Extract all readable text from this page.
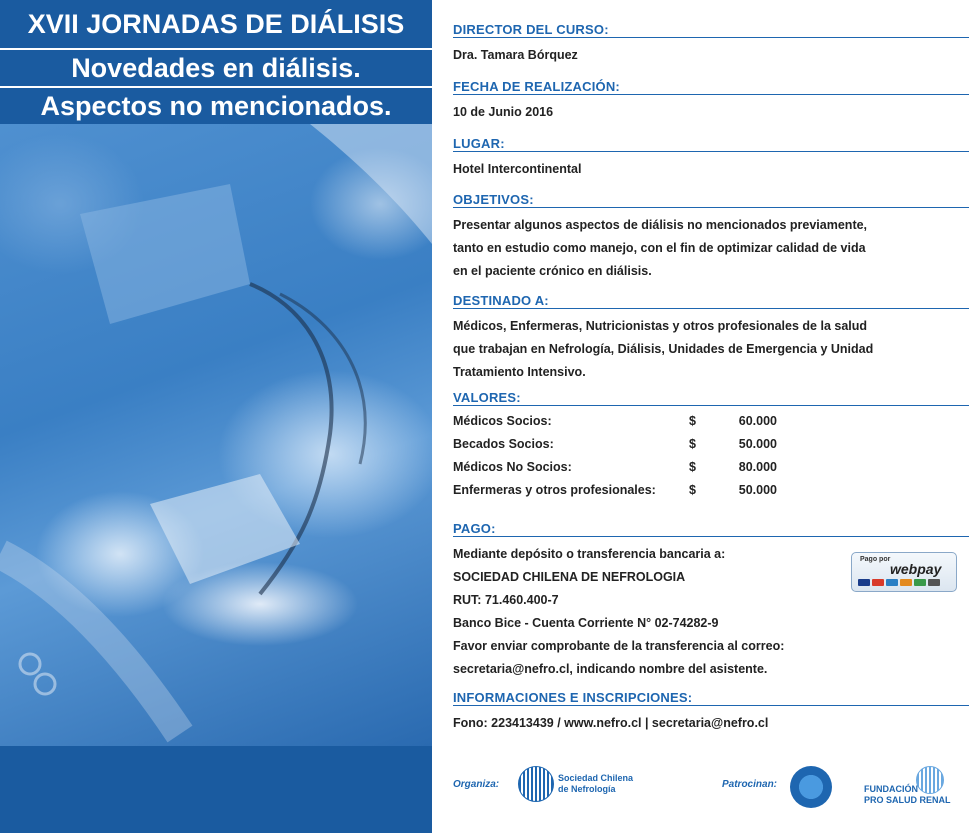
XVII JORNADAS DE DIÁLISIS
Novedades en diálisis.
Aspectos no mencionados.
DIRECTOR DEL CURSO:
Dra. Tamara Bórquez
FECHA DE REALIZACIÓN:
10 de Junio 2016
LUGAR:
Hotel Intercontinental
OBJETIVOS:
Presentar algunos aspectos de diálisis no mencionados previamente,
tanto en estudio como manejo, con el fin de optimizar calidad de vida
en el paciente crónico en diálisis.
DESTINADO A:
Médicos, Enfermeras, Nutricionistas y otros profesionales de la salud
que trabajan en Nefrología, Diálisis, Unidades de Emergencia y Unidad
Tratamiento Intensivo.
VALORES:
Médicos Socios:	$	60.000
Becados Socios:	$	50.000
Médicos No Socios:	$	80.000
Enfermeras y otros profesionales:	$	50.000
PAGO:
Mediante depósito o transferencia bancaria a:
SOCIEDAD CHILENA DE NEFROLOGIA
RUT: 71.460.400-7
Banco Bice - Cuenta Corriente N° 02-74282-9
Favor enviar comprobante de la transferencia al correo:
secretaria@nefro.cl, indicando nombre del asistente.
Pago por
webpay
INFORMACIONES E INSCRIPCIONES:
Fono: 223413439 / www.nefro.cl | secretaria@nefro.cl
Organiza:
Sociedad Chilena
de Nefrología	Patrocinan:	FUNDACIÓN
PRO SALUD RENAL
